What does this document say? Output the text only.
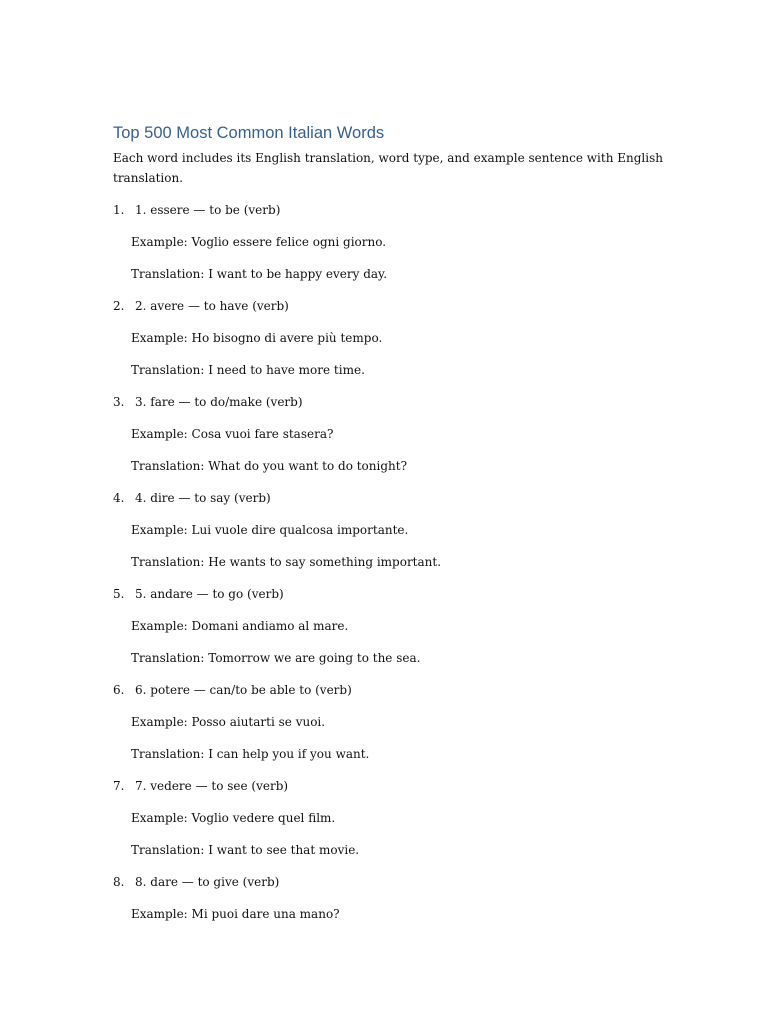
Top 500 Most Common Italian Words
Each word includes its English translation, word type, and example sentence with English translation.
1. 1. essere — to be (verb)
Example: Voglio essere felice ogni giorno.
Translation: I want to be happy every day.
2. 2. avere — to have (verb)
Example: Ho bisogno di avere più tempo.
Translation: I need to have more time.
3. 3. fare — to do/make (verb)
Example: Cosa vuoi fare stasera?
Translation: What do you want to do tonight?
4. 4. dire — to say (verb)
Example: Lui vuole dire qualcosa importante.
Translation: He wants to say something important.
5. 5. andare — to go (verb)
Example: Domani andiamo al mare.
Translation: Tomorrow we are going to the sea.
6. 6. potere — can/to be able to (verb)
Example: Posso aiutarti se vuoi.
Translation: I can help you if you want.
7. 7. vedere — to see (verb)
Example: Voglio vedere quel film.
Translation: I want to see that movie.
8. 8. dare — to give (verb)
Example: Mi puoi dare una mano?
